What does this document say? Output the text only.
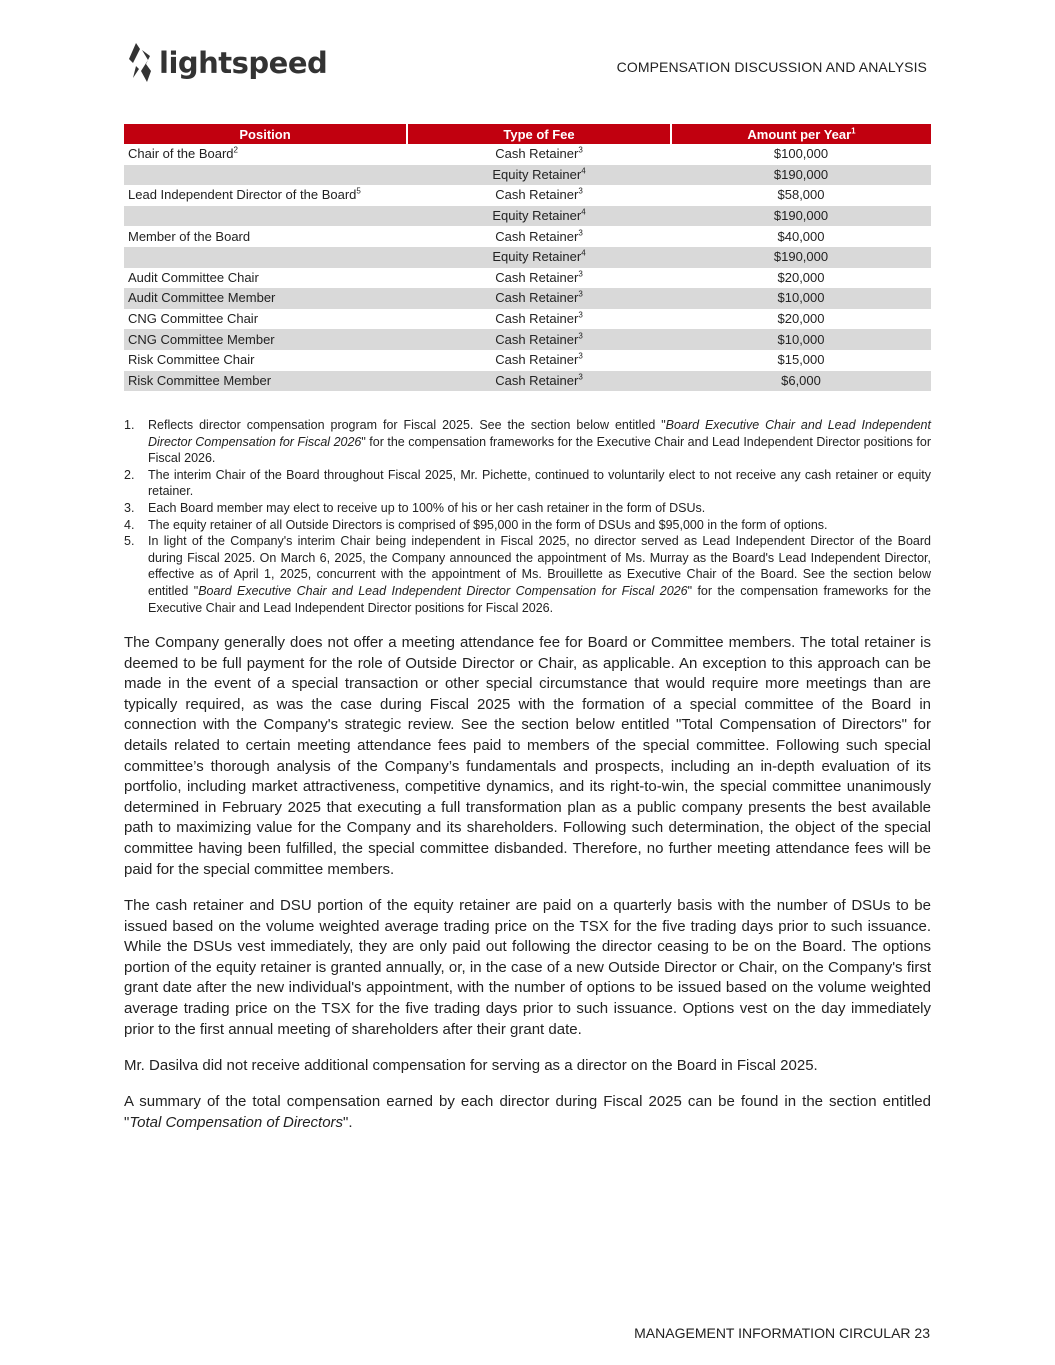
lightspeed	COMPENSATION DISCUSSION AND ANALYSIS
Position	Type of Fee	Amount per Year$^1$
Chair of the Board$^2$	Cash Retainer$^3$	$100,000
	Equity Retainer$^4$	$190,000
Lead Independent Director of the Board$^5$	Cash Retainer$^3$	$58,000
	Equity Retainer$^4$	$190,000
Member of the Board	Cash Retainer$^3$	$40,000
	Equity Retainer$^4$	$190,000
Audit Committee Chair	Cash Retainer$^3$	$20,000
Audit Committee Member	Cash Retainer$^3$	$10,000
CNG Committee Chair	Cash Retainer$^3$	$20,000
CNG Committee Member	Cash Retainer$^3$	$10,000
Risk Committee Chair	Cash Retainer$^3$	$15,000
Risk Committee Member	Cash Retainer$^3$	$6,000
1. Reflects director compensation program for Fiscal 2025. See the section below entitled "Board Executive Chair and Lead Independent Director Compensation for Fiscal 2026" for the compensation frameworks for the Executive Chair and Lead Independent Director positions for Fiscal 2026.
2. The interim Chair of the Board throughout Fiscal 2025, Mr. Pichette, continued to voluntarily elect to not receive any cash retainer or equity retainer.
3. Each Board member may elect to receive up to 100% of his or her cash retainer in the form of DSUs.
4. The equity retainer of all Outside Directors is comprised of $95,000 in the form of DSUs and $95,000 in the form of options.
5. In light of the Company's interim Chair being independent in Fiscal 2025, no director served as Lead Independent Director of the Board during Fiscal 2025. On March 6, 2025, the Company announced the appointment of Ms. Murray as the Board's Lead Independent Director, effective as of April 1, 2025, concurrent with the appointment of Ms. Brouillette as Executive Chair of the Board. See the section below entitled "Board Executive Chair and Lead Independent Director Compensation for Fiscal 2026" for the compensation frameworks for the Executive Chair and Lead Independent Director positions for Fiscal 2026.

The Company generally does not offer a meeting attendance fee for Board or Committee members. The total retainer is deemed to be full payment for the role of Outside Director or Chair, as applicable. An exception to this approach can be made in the event of a special transaction or other special circumstance that would require more meetings than are typically required, as was the case during Fiscal 2025 with the formation of a special committee of the Board in connection with the Company's strategic review. See the section below entitled "Total Compensation of Directors" for details related to certain meeting attendance fees paid to members of the special committee. Following such special committee’s thorough analysis of the Company’s fundamentals and prospects, including an in-depth evaluation of its portfolio, including market attractiveness, competitive dynamics, and its right-to-win, the special committee unanimously determined in February 2025 that executing a full transformation plan as a public company presents the best available path to maximizing value for the Company and its shareholders. Following such determination, the object of the special committee having been fulfilled, the special committee disbanded. Therefore, no further meeting attendance fees will be paid for the special committee members.

The cash retainer and DSU portion of the equity retainer are paid on a quarterly basis with the number of DSUs to be issued based on the volume weighted average trading price on the TSX for the five trading days prior to such issuance. While the DSUs vest immediately, they are only paid out following the director ceasing to be on the Board. The options portion of the equity retainer is granted annually, or, in the case of a new Outside Director or Chair, on the Company's first grant date after the new individual's appointment, with the number of options to be issued based on the volume weighted average trading price on the TSX for the five trading days prior to such issuance. Options vest on the day immediately prior to the first annual meeting of shareholders after their grant date.

Mr. Dasilva did not receive additional compensation for serving as a director on the Board in Fiscal 2025.

A summary of the total compensation earned by each director during Fiscal 2025 can be found in the section entitled "Total Compensation of Directors".

MANAGEMENT INFORMATION CIRCULAR 23
